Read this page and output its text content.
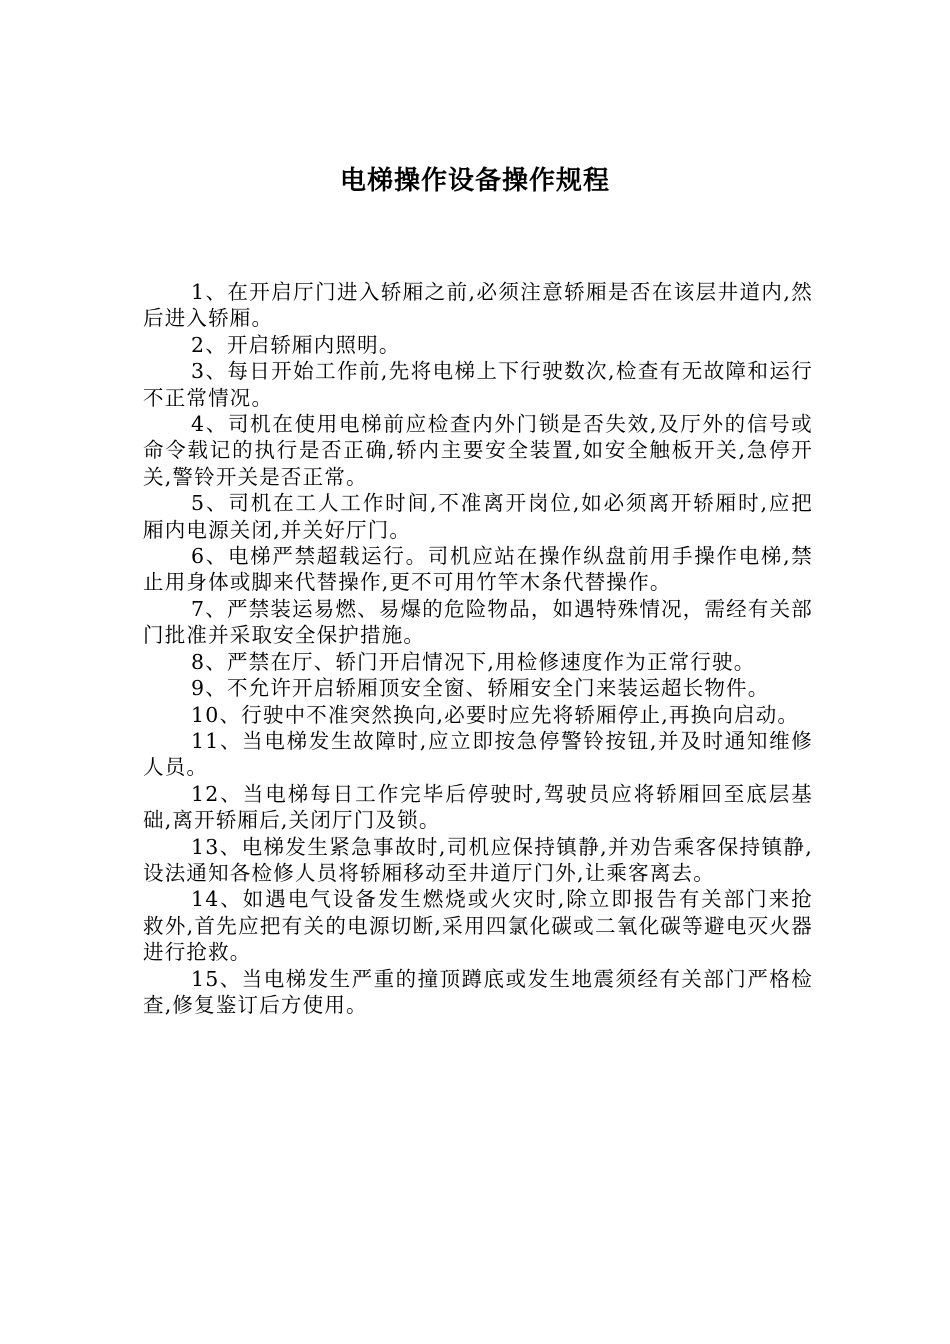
电梯操作设备操作规程

1、在开启厅门进入轿厢之前,必须注意轿厢是否在该层井道内,然后进入轿厢。

2、开启轿厢内照明。

3、每日开始工作前,先将电梯上下行驶数次,检查有无故障和运行不正常情况。

4、司机在使用电梯前应检查内外门锁是否失效,及厅外的信号或命令载记的执行是否正确,轿内主要安全装置,如安全触板开关,急停开关,警铃开关是否正常。

5、司机在工人工作时间,不准离开岗位,如必须离开轿厢时,应把厢内电源关闭,并关好厅门。

6、电梯严禁超载运行。司机应站在操作纵盘前用手操作电梯,禁止用身体或脚来代替操作,更不可用竹竿木条代替操作。

7、严禁装运易燃、易爆的危险物品，如遇特殊情况，需经有关部门批准并采取安全保护措施。

8、严禁在厅、轿门开启情况下,用检修速度作为正常行驶。

9、不允许开启轿厢顶安全窗、轿厢安全门来装运超长物件。

10、行驶中不准突然换向,必要时应先将轿厢停止,再换向启动。

11、当电梯发生故障时,应立即按急停警铃按钮,并及时通知维修人员。

12、当电梯每日工作完毕后停驶时,驾驶员应将轿厢回至底层基础,离开轿厢后,关闭厅门及锁。

13、电梯发生紧急事故时,司机应保持镇静,并劝告乘客保持镇静,设法通知各检修人员将轿厢移动至井道厅门外,让乘客离去。

14、如遇电气设备发生燃烧或火灾时,除立即报告有关部门来抢救外,首先应把有关的电源切断,采用四氯化碳或二氧化碳等避电灭火器进行抢救。

15、当电梯发生严重的撞顶蹲底或发生地震须经有关部门严格检查,修复鉴订后方使用。
